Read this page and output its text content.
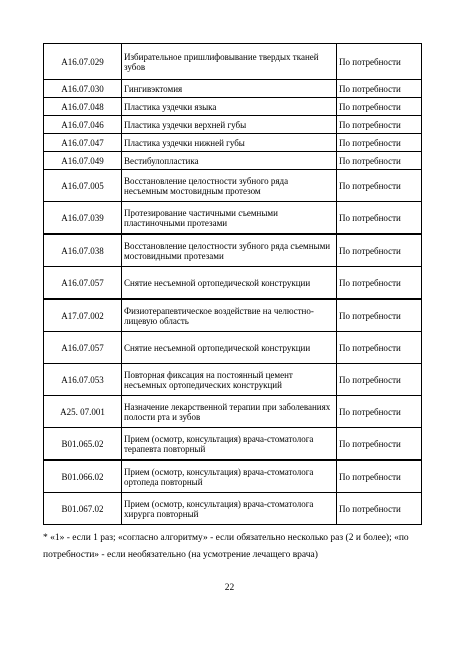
A16.07.029	Избирательное пришлифовывание твердых тканей зубов	По потребности
A16.07.030	Гингивэктомия	По потребности
A16.07.048	Пластика уздечки языка	По потребности
A16.07.046	Пластика уздечки верхней губы	По потребности
A16.07.047	Пластика уздечки нижней губы	По потребности
A16.07.049	Вестибулопластика	По потребности
A16.07.005	Восстановление целостности зубного ряда несъемным мостовидным протезом	По потребности
A16.07.039	Протезирование частичными съемными пластиночными протезами	По потребности
A16.07.038	Восстановление целостности зубного ряда съемными мостовидными протезами	По потребности
A16.07.057	Снятие несъемной ортопедической конструкции	По потребности
A17.07.002	Физиотерапевтическое воздействие на челюстно-лицевую область	По потребности
A16.07.057	Снятие несъемной ортопедической конструкции	По потребности
A16.07.053	Повторная фиксация на постоянный цемент несъемных ортопедических конструкций	По потребности
A25. 07.001	Назначение лекарственной терапии при заболеваниях полости рта и зубов	По потребности
B01.065.02	Прием (осмотр, консультация) врача-стоматолога терапевта повторный	По потребности
B01.066.02	Прием (осмотр, консультация) врача-стоматолога ортопеда повторный	По потребности
B01.067.02	Прием (осмотр, консультация) врача-стоматолога хирурга повторный	По потребности
* «1» - если 1 раз; «согласно алгоритму» - если обязательно несколько раз (2 и более); «по потребности» - если необязательно (на усмотрение лечащего врача)
22
